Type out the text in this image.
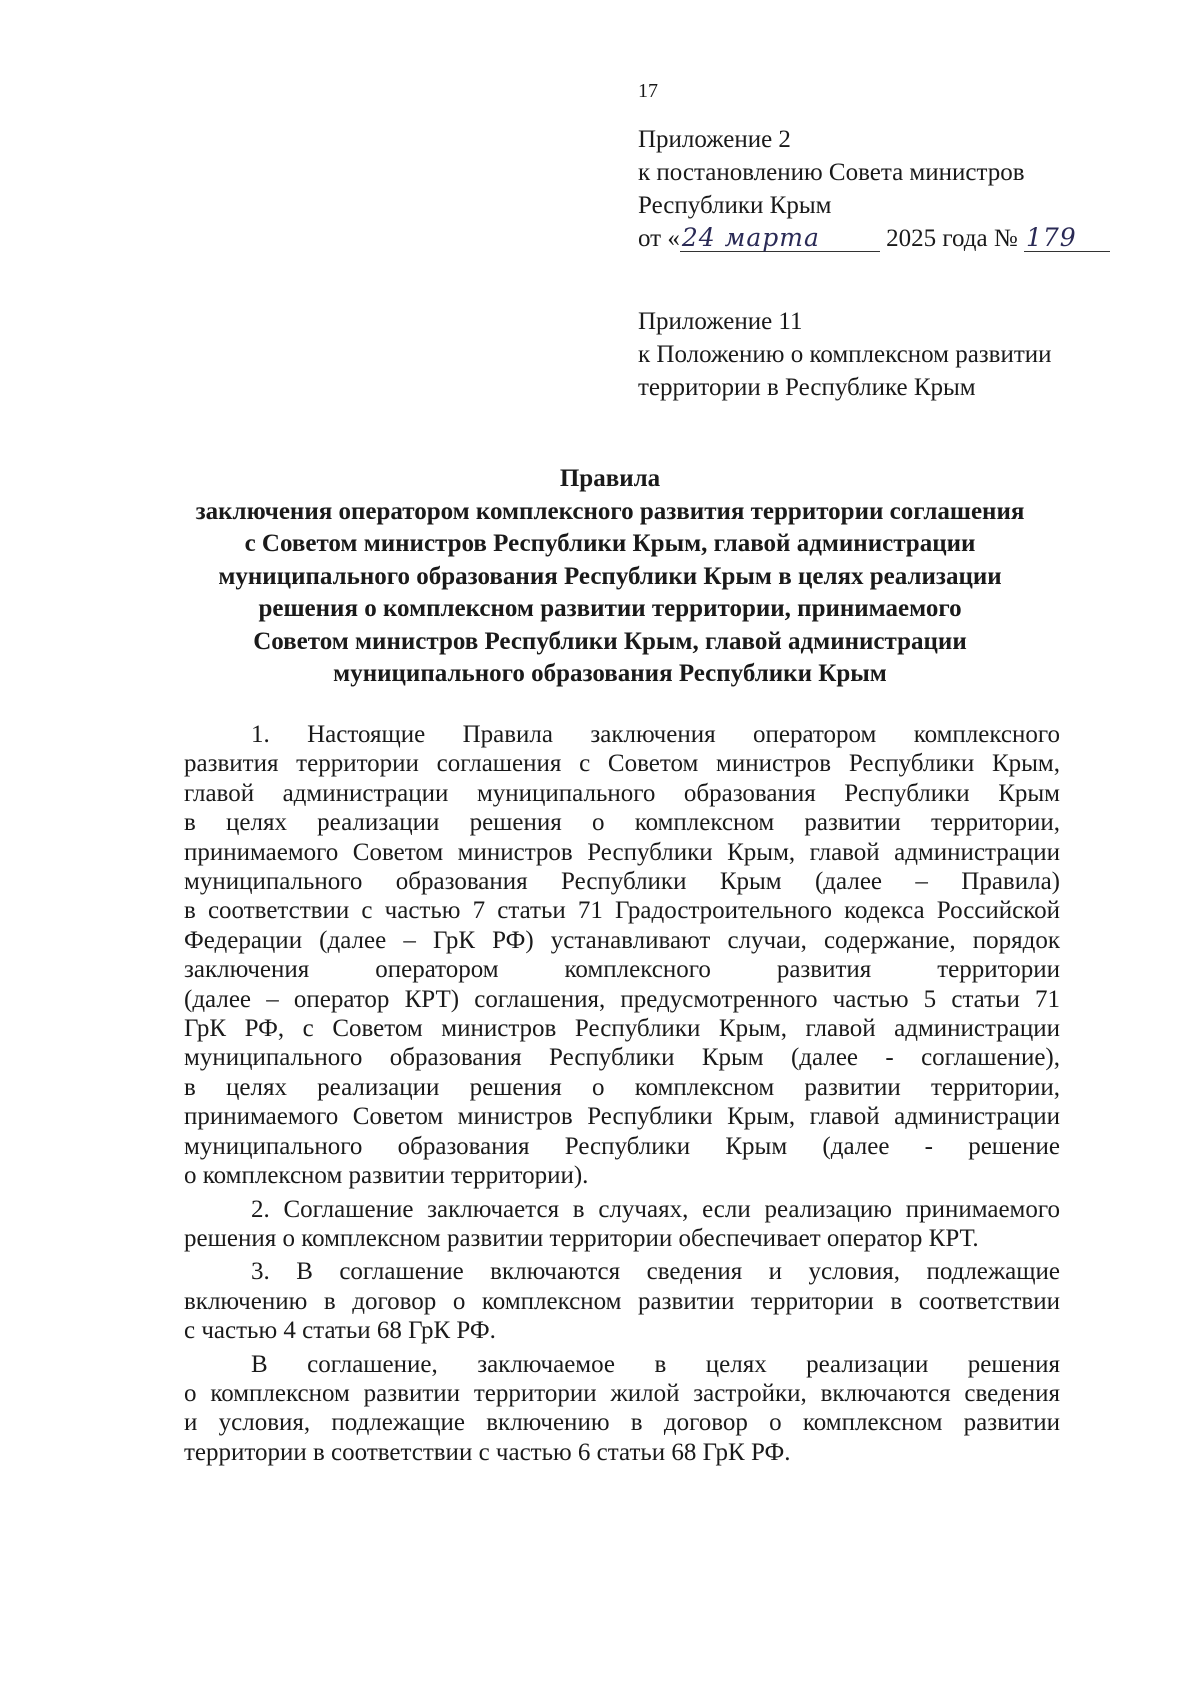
17
Приложение 2
к постановлению Совета министров
Республики Крым
от «24 марта	2025 года № 179
Приложение 11
к Положению о комплексном развитии
территории в Республике Крым
Правила
заключения оператором комплексного развития территории соглашения
с Советом министров Республики Крым, главой администрации
муниципального образования Республики Крым в целях реализации
решения о комплексном развитии территории, принимаемого
Советом министров Республики Крым, главой администрации
муниципального образования Республики Крым
1. Настоящие Правила заключения оператором комплексного
развития территории соглашения с Советом министров Республики Крым,
главой администрации муниципального образования Республики Крым
в целях реализации решения о комплексном развитии территории,
принимаемого Советом министров Республики Крым, главой администрации
муниципального образования Республики Крым (далее – Правила)
в соответствии с частью 7 статьи 71 Градостроительного кодекса Российской
Федерации (далее – ГрК РФ) устанавливают случаи, содержание, порядок
заключения оператором комплексного развития территории
(далее – оператор КРТ) соглашения, предусмотренного частью 5 статьи 71
ГрК РФ, с Советом министров Республики Крым, главой администрации
муниципального образования Республики Крым (далее - соглашение),
в целях реализации решения о комплексном развитии территории,
принимаемого Советом министров Республики Крым, главой администрации
муниципального образования Республики Крым (далее - решение
о комплексном развитии территории).
2. Соглашение заключается в случаях, если реализацию принимаемого
решения о комплексном развитии территории обеспечивает оператор КРТ.
3. В соглашение включаются сведения и условия, подлежащие
включению в договор о комплексном развитии территории в соответствии
с частью 4 статьи 68 ГрК РФ.
В соглашение, заключаемое в целях реализации решения
о комплексном развитии территории жилой застройки, включаются сведения
и условия, подлежащие включению в договор о комплексном развитии
территории в соответствии с частью 6 статьи 68 ГрК РФ.
